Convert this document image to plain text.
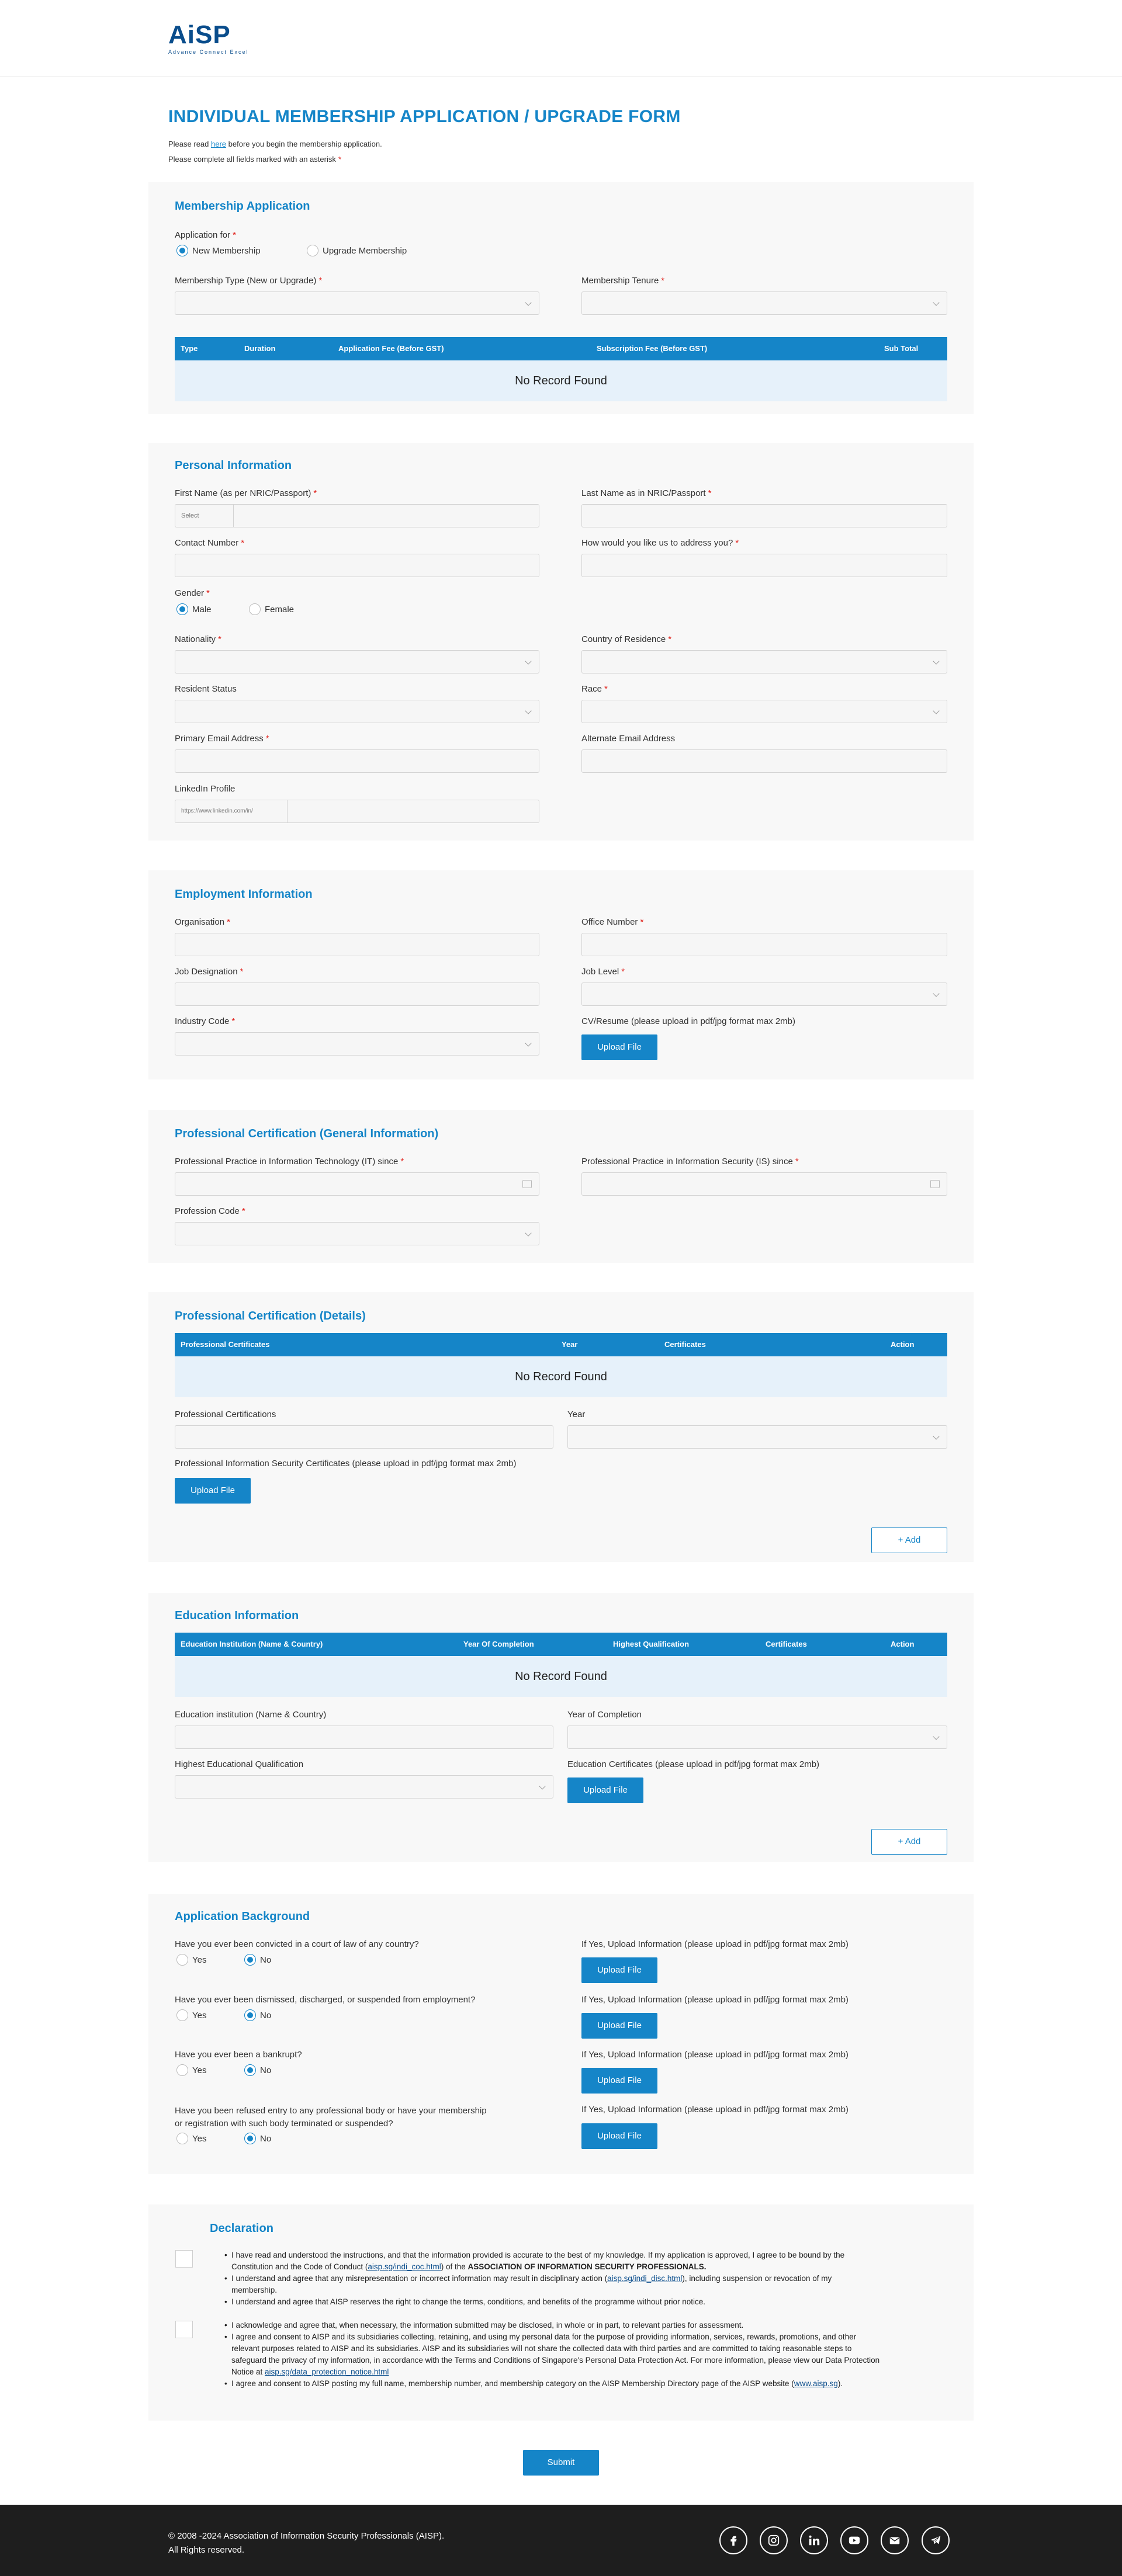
AiSP
Advance Connect Excel
INDIVIDUAL MEMBERSHIP APPLICATION / UPGRADE FORM
Please read here before you begin the membership application.
Please complete all fields marked with an asterisk *
Membership Application
Application for *
New Membership	Upgrade Membership
Membership Type (New or Upgrade) *	Membership Tenure *
Type	Duration	Application Fee (Before GST)	Subscription Fee (Before GST)	Sub Total
No Record Found
Personal Information
First Name (as per NRIC/Passport) *
Select
Last Name as in NRIC/Passport *
Contact Number *	How would you like us to address you? *
Gender *
Male	Female
Nationality *	Country of Residence *
Resident Status	Race *
Primary Email Address *	Alternate Email Address
LinkedIn Profile
https://www.linkedin.com/in/
Employment Information
Organisation *	Office Number *
Job Designation *	Job Level *
Industry Code *	CV/Resume (please upload in pdf/jpg format max 2mb)
Upload File
Professional Certification (General Information)
Professional Practice in Information Technology (IT) since *	Professional Practice in Information Security (IS) since *
Profession Code *
Professional Certification (Details)
Professional Certificates	Year	Certificates	Action
No Record Found
Professional Certifications	Year
Professional Information Security Certificates (please upload in pdf/jpg format max 2mb)
Upload File
+ Add
Education Information
Education Institution (Name & Country)	Year Of Completion	Highest Qualification	Certificates	Action
No Record Found
Education institution (Name & Country)	Year of Completion
Highest Educational Qualification	Education Certificates (please upload in pdf/jpg format max 2mb)
Upload File
+ Add
Application Background
Have you ever been convicted in a court of law of any country?
Yes	No
If Yes, Upload Information (please upload in pdf/jpg format max 2mb)
Upload File
Have you ever been dismissed, discharged, or suspended from employment?
Yes	No
If Yes, Upload Information (please upload in pdf/jpg format max 2mb)
Upload File
Have you ever been a bankrupt?
Yes	No
If Yes, Upload Information (please upload in pdf/jpg format max 2mb)
Upload File
Have you been refused entry to any professional body or have your membership
or registration with such body terminated or suspended?
Yes	No
If Yes, Upload Information (please upload in pdf/jpg format max 2mb)
Upload File
Declaration
• I have read and understood the instructions, and that the information provided is accurate to the best of my knowledge. If my application is approved, I agree to be bound by the
Constitution and the Code of Conduct (aisp.sg/indi_coc.html) of the ASSOCIATION OF INFORMATION SECURITY PROFESSIONALS.
• I understand and agree that any misrepresentation or incorrect information may result in disciplinary action (aisp.sg/indi_disc.html), including suspension or revocation of my
membership.
• I understand and agree that AISP reserves the right to change the terms, conditions, and benefits of the programme without prior notice.
• I acknowledge and agree that, when necessary, the information submitted may be disclosed, in whole or in part, to relevant parties for assessment.
• I agree and consent to AISP and its subsidiaries collecting, retaining, and using my personal data for the purpose of providing information, services, rewards, promotions, and other
relevant purposes related to AISP and its subsidiaries. AISP and its subsidiaries will not share the collected data with third parties and are committed to taking reasonable steps to
safeguard the privacy of my information, in accordance with the Terms and Conditions of Singapore's Personal Data Protection Act. For more information, please view our Data Protection
Notice at aisp.sg/data_protection_notice.html
• I agree and consent to AISP posting my full name, membership number, and membership category on the AISP Membership Directory page of the AISP website (www.aisp.sg).
Submit
© 2008 -2024 Association of Information Security Professionals (AISP).
All Rights reserved.
